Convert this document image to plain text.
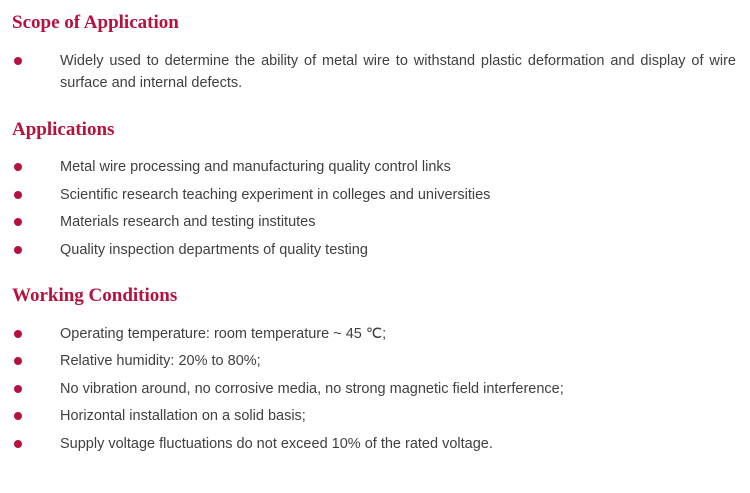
Scope of Application
Widely used to determine the ability of metal wire to withstand plastic deformation and display of wire surface and internal defects.
Applications
Metal wire processing and manufacturing quality control links
Scientific research teaching experiment in colleges and universities
Materials research and testing institutes
Quality inspection departments of quality testing
Working Conditions
Operating temperature: room temperature ~ 45 ℃;
Relative humidity: 20% to 80%;
No vibration around, no corrosive media, no strong magnetic field interference;
Horizontal installation on a solid basis;
Supply voltage fluctuations do not exceed 10% of the rated voltage.
